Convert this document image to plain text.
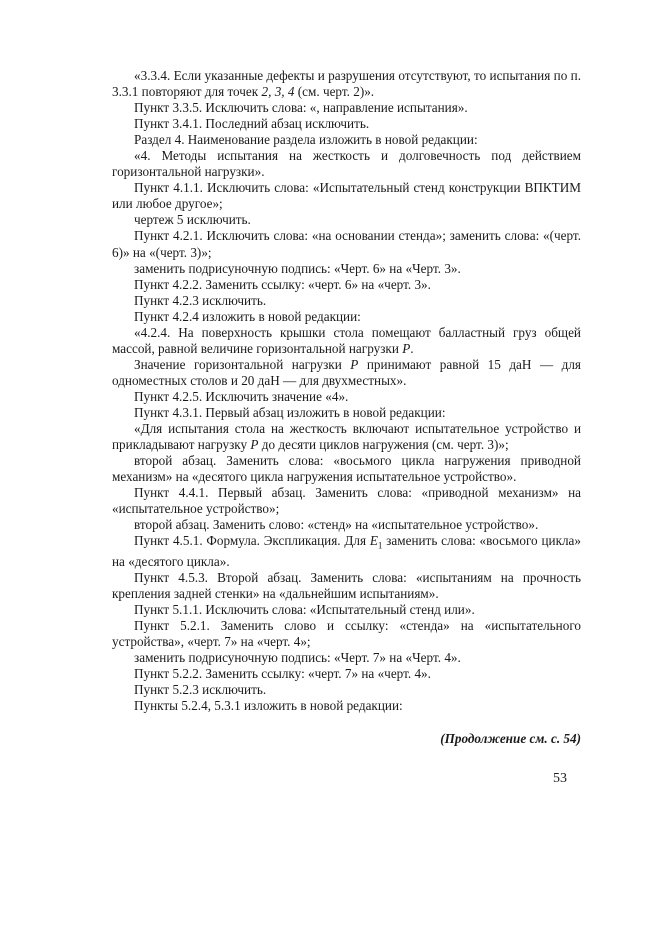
«3.3.4. Если указанные дефекты и разрушения отсутствуют, то испытания по п. 3.3.1 повторяют для точек 2, 3, 4 (см. черт. 2)».

Пункт 3.3.5. Исключить слова: «, направление испытания».

Пункт 3.4.1. Последний абзац исключить.

Раздел 4. Наименование раздела изложить в новой редакции:

«4. Методы испытания на жесткость и долговечность под действием горизонтальной нагрузки».

Пункт 4.1.1. Исключить слова: «Испытательный стенд конструкции ВПКТИМ или любое другое»;

чертеж 5 исключить.

Пункт 4.2.1. Исключить слова: «на основании стенда»; заменить слова: «(черт. 6)» на «(черт. 3)»;

заменить подрисуночную подпись: «Черт. 6» на «Черт. 3».

Пункт 4.2.2. Заменить ссылку: «черт. 6» на «черт. 3».

Пункт 4.2.3 исключить.

Пункт 4.2.4 изложить в новой редакции:

«4.2.4. На поверхность крышки стола помещают балластный груз общей массой, равной величине горизонтальной нагрузки P.

Значение горизонтальной нагрузки P принимают равной 15 даН — для одноместных столов и 20 даН — для двухместных».

Пункт 4.2.5. Исключить значение «4».

Пункт 4.3.1. Первый абзац изложить в новой редакции:

«Для испытания стола на жесткость включают испытательное устройство и прикладывают нагрузку P до десяти циклов нагружения (см. черт. 3)»;

второй абзац. Заменить слова: «восьмого цикла нагружения приводной механизм» на «десятого цикла нагружения испытательное устройство».

Пункт 4.4.1. Первый абзац. Заменить слова: «приводной механизм» на «испытательное устройство»;

второй абзац. Заменить слово: «стенд» на «испытательное устройство».

Пункт 4.5.1. Формула. Экспликация. Для $E_1$ заменить слова: «восьмого цикла» на «десятого цикла».

Пункт 4.5.3. Второй абзац. Заменить слова: «испытаниям на прочность крепления задней стенки» на «дальнейшим испытаниям».

Пункт 5.1.1. Исключить слова: «Испытательный стенд или».

Пункт 5.2.1. Заменить слово и ссылку: «стенда» на «испытательного устройства», «черт. 7» на «черт. 4»;

заменить подрисуночную подпись: «Черт. 7» на «Черт. 4».

Пункт 5.2.2. Заменить ссылку: «черт. 7» на «черт. 4».

Пункт 5.2.3 исключить.

Пункты 5.2.4, 5.3.1 изложить в новой редакции:

(Продолжение см. с. 54)
53
